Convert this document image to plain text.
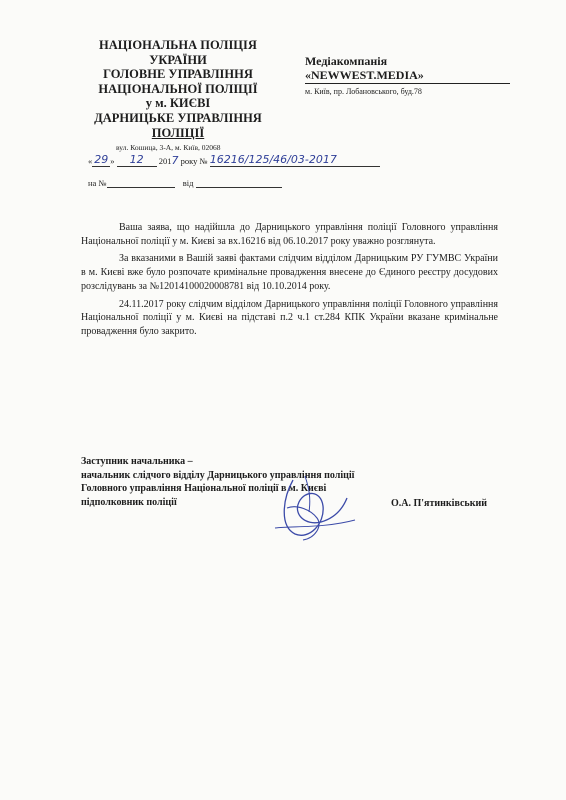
НАЦІОНАЛЬНА ПОЛІЦІЯ
УКРАЇНИ
ГОЛОВНЕ УПРАВЛІННЯ
НАЦІОНАЛЬНОЇ ПОЛІЦІЇ
у м. КИЄВІ
ДАРНИЦЬКЕ УПРАВЛІННЯ
ПОЛІЦІЇ
вул. Кошица, 3-А, м. Київ, 02068
« 29 » 12 2017 року № 16216/125/46/03-2017
на №	від
Медіакомпанія
«NEWWEST.MEDIA»
м. Київ, пр. Лобановського, буд.78

Ваша заява, що надійшла до Дарницького управління поліції Головного управління Національної поліції у м. Києві за вх.16216 від 06.10.2017 року уважно розглянута.

За вказаними в Вашій заяві фактами слідчим відділом Дарницьким РУ ГУМВС України в м. Києві вже було розпочате кримінальне провадження внесене до Єдиного реєстру досудових розслідувань за №12014100020008781 від 10.10.2014 року.

24.11.2017 року слідчим відділом Дарницького управління поліції Головного управління Національної поліції у м. Києві на підставі п.2 ч.1 ст.284 КПК України вказане кримінальне провадження було закрито.

Заступник начальника –
начальник слідчого відділу Дарницького управління поліції
Головного управління Національної поліції в м. Києві
підполковник поліції	О.А. П'ятинківський
